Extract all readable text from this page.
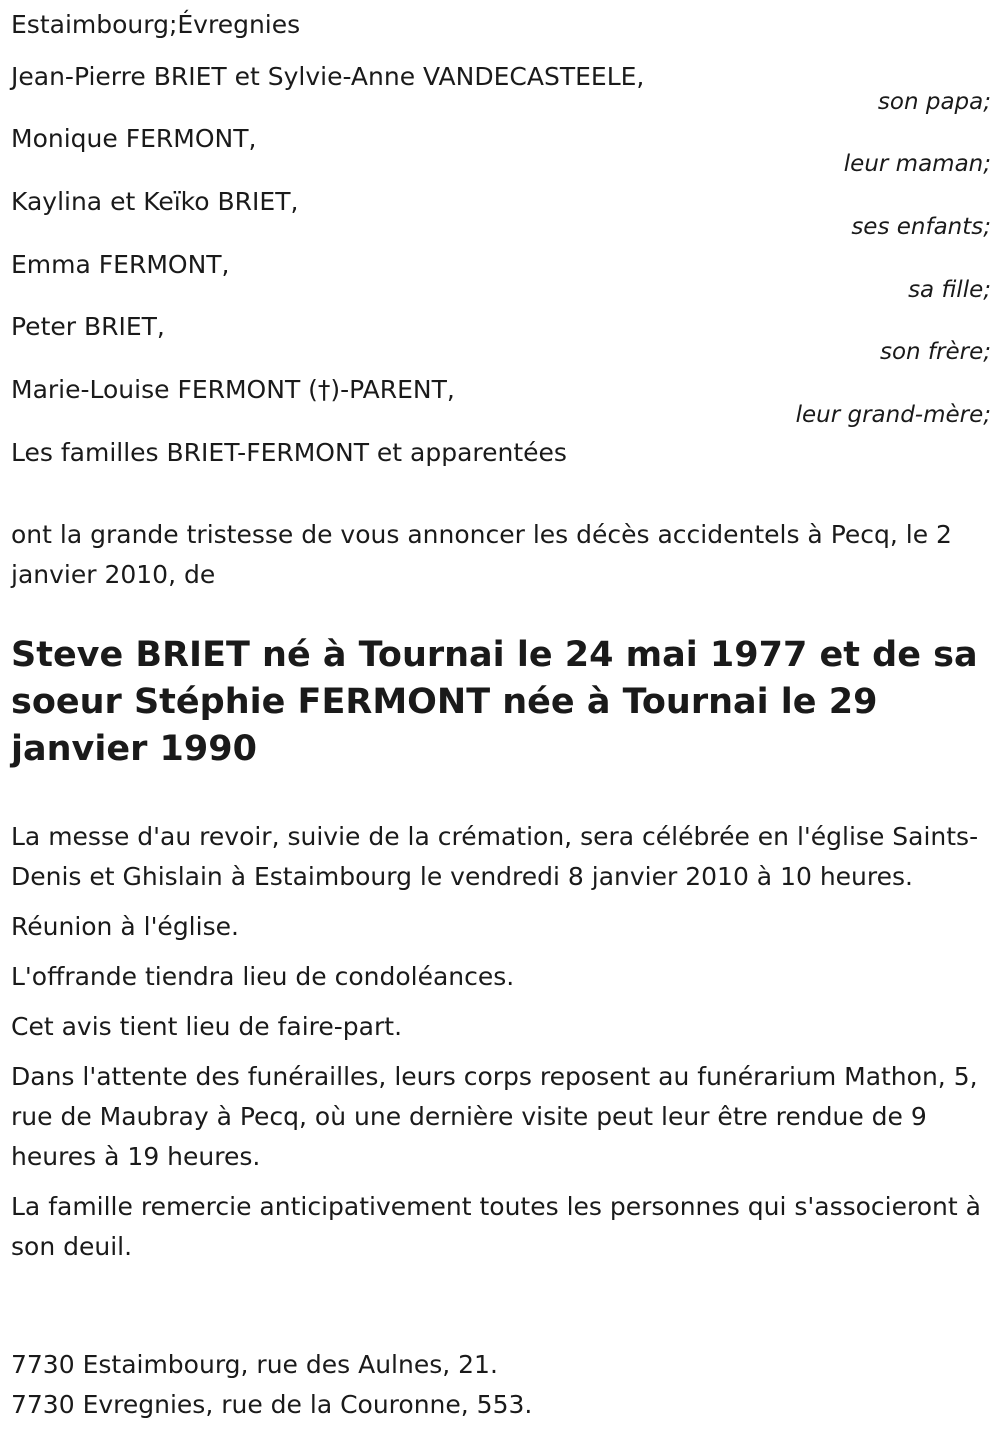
Estaimbourg;Évregnies
Jean-Pierre BRIET et Sylvie-Anne VANDECASTEELE,
son papa;
Monique FERMONT,
leur maman;
Kaylina et Keïko BRIET,
ses enfants;
Emma FERMONT,
sa fille;
Peter BRIET,
son frère;
Marie-Louise FERMONT (†)-PARENT,
leur grand-mère;
Les familles BRIET-FERMONT et apparentées
ont la grande tristesse de vous annoncer les décès accidentels à Pecq, le 2 janvier 2010, de
Steve BRIET né à Tournai le 24 mai 1977 et de sa soeur Stéphie FERMONT née à Tournai le 29 janvier 1990

La messe d'au revoir, suivie de la crémation, sera célébrée en l'église Saints-Denis et Ghislain à Estaimbourg le vendredi 8 janvier 2010 à 10 heures.

Réunion à l'église.

L'offrande tiendra lieu de condoléances.

Cet avis tient lieu de faire-part.

Dans l'attente des funérailles, leurs corps reposent au funérarium Mathon, 5, rue de Maubray à Pecq, où une dernière visite peut leur être rendue de 9 heures à 19 heures.

La famille remercie anticipativement toutes les personnes qui s'associeront à son deuil.

7730 Estaimbourg, rue des Aulnes, 21.
7730 Evregnies, rue de la Couronne, 553.
